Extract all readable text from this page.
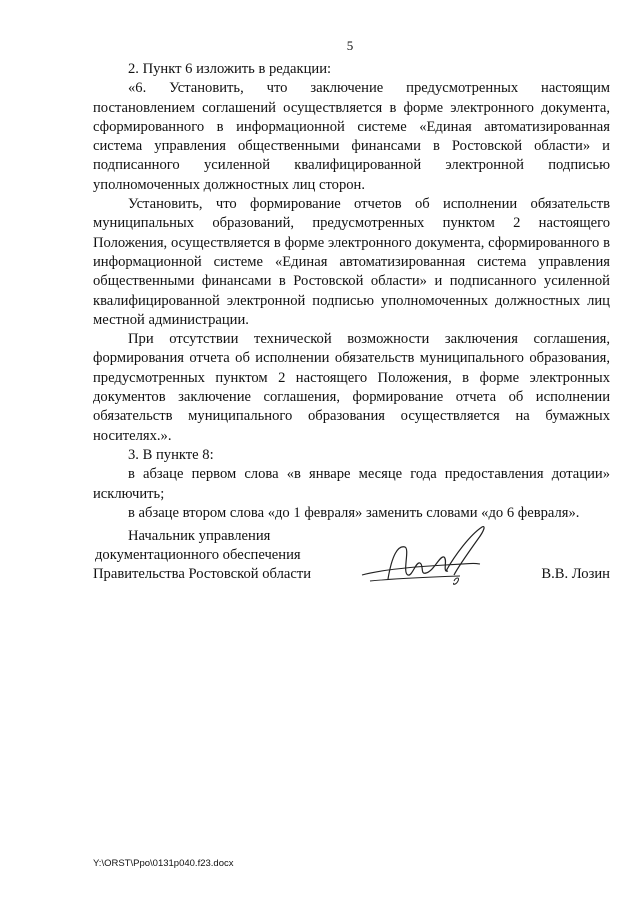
5

2. Пункт 6 изложить в редакции:

«6. Установить, что заключение предусмотренных настоящим постановлением соглашений осуществляется в форме электронного документа, сформированного в информационной системе «Единая автоматизированная система управления общественными финансами в Ростовской области» и подписанного усиленной квалифицированной электронной подписью уполномоченных должностных лиц сторон.

Установить, что формирование отчетов об исполнении обязательств муниципальных образований, предусмотренных пунктом 2 настоящего Положения, осуществляется в форме электронного документа, сформированного в информационной системе «Единая автоматизированная система управления общественными финансами в Ростовской области» и подписанного усиленной квалифицированной электронной подписью уполномоченных должностных лиц местной администрации.

При отсутствии технической возможности заключения соглашения, формирования отчета об исполнении обязательств муниципального образования, предусмотренных пунктом 2 настоящего Положения, в форме электронных документов заключение соглашения, формирование отчета об исполнении обязательств муниципального образования осуществляется на бумажных носителях.».

3. В пункте 8:

в абзаце первом слова «в январе месяце года предоставления дотации» исключить;

в абзаце втором слова «до 1 февраля» заменить словами «до 6 февраля».

Начальник управления
документационного обеспечения
Правительства Ростовской области	В.В. Лозин
Y:\ORST\Ppo\0131p040.f23.docx
